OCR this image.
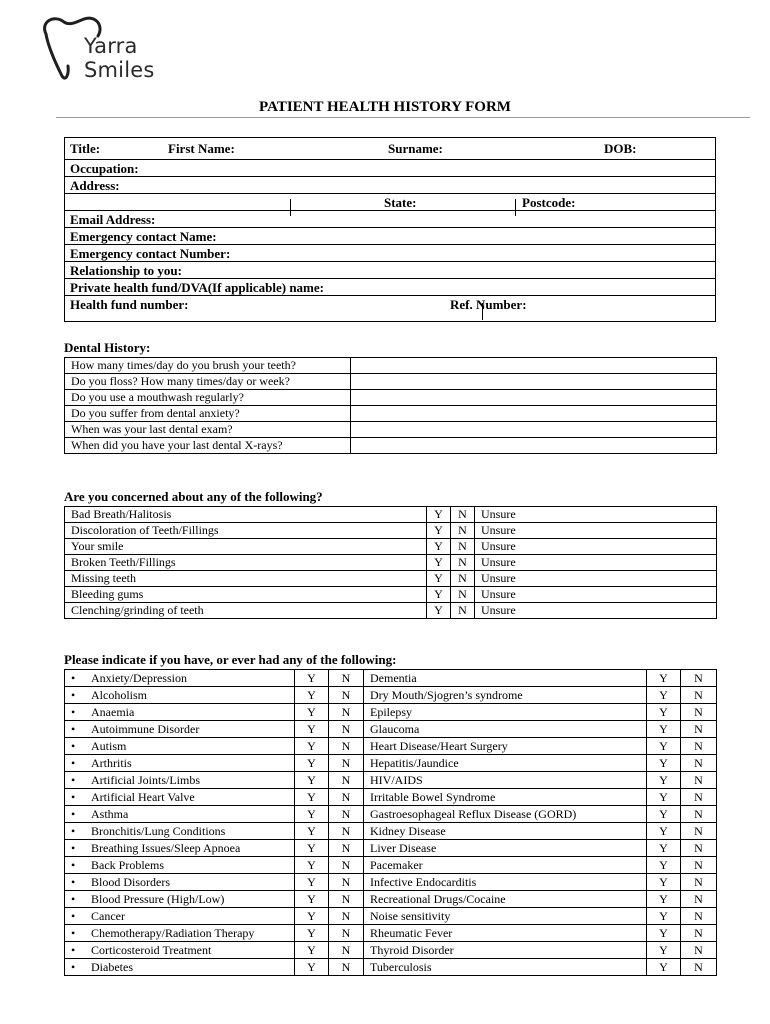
Yarra Smiles
PATIENT HEALTH HISTORY FORM
Title:	First Name:		Surname:		DOB:
Occupation:					
Address:					
			State:		Postcode:
Email Address:					
Emergency contact Name:					
Emergency contact Number:					
Relationship to you:					
Private health fund/DVA(If applicable) name:					
Health fund number:				Ref. Number:	
Dental History:
How many times/day do you brush your teeth?	
Do you floss? How many times/day or week?	
Do you use a mouthwash regularly?	
Do you suffer from dental anxiety?	
When was your last dental exam?	
When did you have your last dental X-rays?	
Are you concerned about any of the following?
Bad Breath/Halitosis	Y	N	Unsure
Discoloration of Teeth/Fillings	Y	N	Unsure
Your smile	Y	N	Unsure
Broken Teeth/Fillings	Y	N	Unsure
Missing teeth	Y	N	Unsure
Bleeding gums	Y	N	Unsure
Clenching/grinding of teeth	Y	N	Unsure
Please indicate if you have, or ever had any of the following:
• Anxiety/Depression	Y	N	Dementia	Y	N
• Alcoholism	Y	N	Dry Mouth/Sjogren’s syndrome	Y	N
• Anaemia	Y	N	Epilepsy	Y	N
• Autoimmune Disorder	Y	N	Glaucoma	Y	N
• Autism	Y	N	Heart Disease/Heart Surgery	Y	N
• Arthritis	Y	N	Hepatitis/Jaundice	Y	N
• Artificial Joints/Limbs	Y	N	HIV/AIDS	Y	N
• Artificial Heart Valve	Y	N	Irritable Bowel Syndrome	Y	N
• Asthma	Y	N	Gastroesophageal Reflux Disease (GORD)	Y	N
• Bronchitis/Lung Conditions	Y	N	Kidney Disease	Y	N
• Breathing Issues/Sleep Apnoea	Y	N	Liver Disease	Y	N
• Back Problems	Y	N	Pacemaker	Y	N
• Blood Disorders	Y	N	Infective Endocarditis	Y	N
• Blood Pressure (High/Low)	Y	N	Recreational Drugs/Cocaine	Y	N
• Cancer	Y	N	Noise sensitivity	Y	N
• Chemotherapy/Radiation Therapy	Y	N	Rheumatic Fever	Y	N
• Corticosteroid Treatment	Y	N	Thyroid Disorder	Y	N
• Diabetes	Y	N	Tuberculosis	Y	N
